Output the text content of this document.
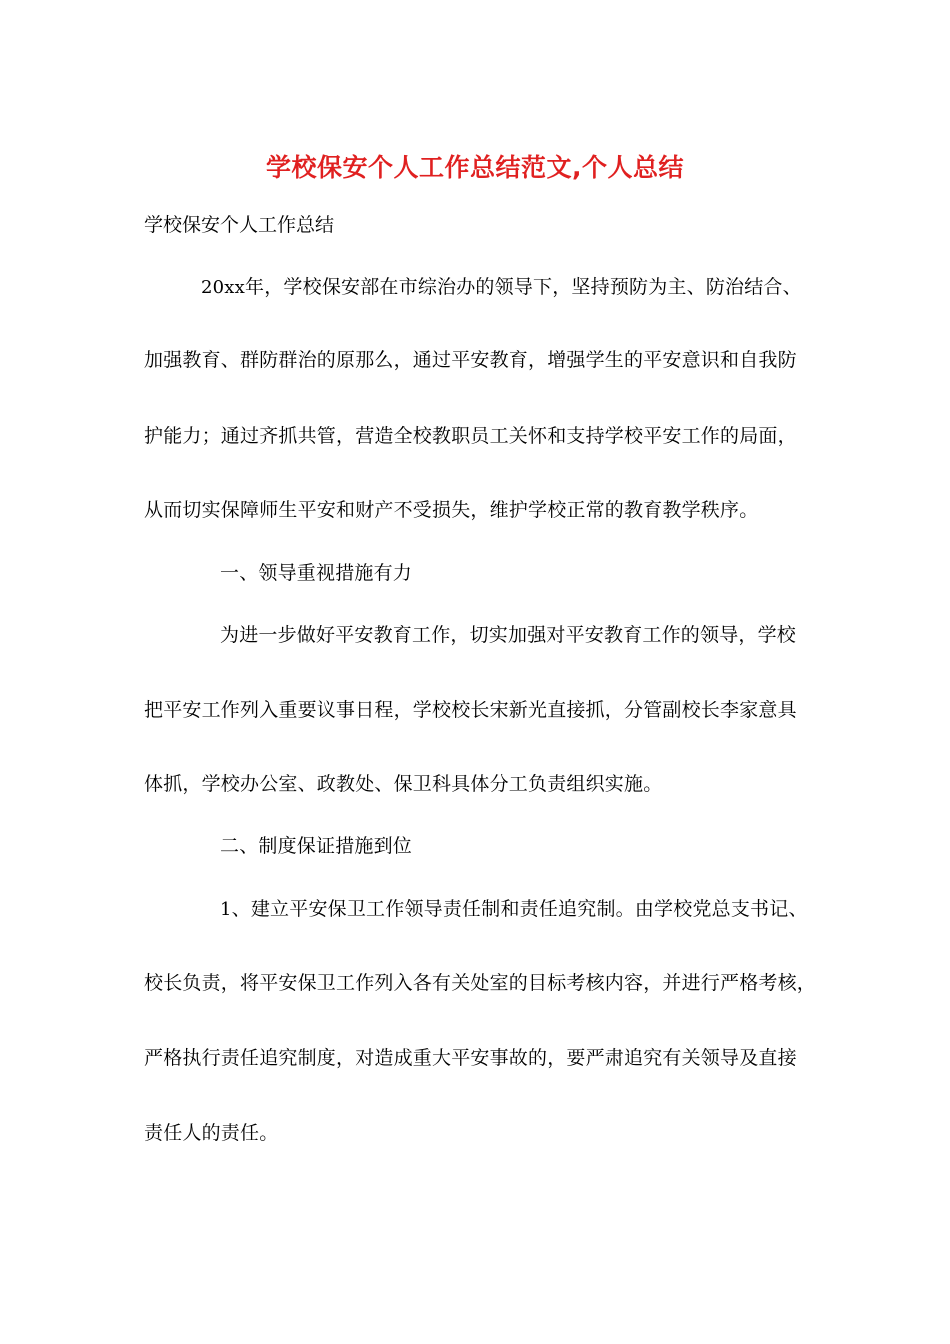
学校保安个人工作总结范文,个人总结
学校保安个人工作总结
20xx年，学校保安部在市综治办的领导下，坚持预防为主、防治结合、
加强教育、群防群治的原那么，通过平安教育，增强学生的平安意识和自我防
护能力；通过齐抓共管，营造全校教职员工关怀和支持学校平安工作的局面，
从而切实保障师生平安和财产不受损失，维护学校正常的教育教学秩序。
一、领导重视措施有力
为进一步做好平安教育工作，切实加强对平安教育工作的领导，学校
把平安工作列入重要议事日程，学校校长宋新光直接抓，分管副校长李家意具
体抓，学校办公室、政教处、保卫科具体分工负责组织实施。
二、制度保证措施到位
1、建立平安保卫工作领导责任制和责任追究制。由学校党总支书记、
校长负责，将平安保卫工作列入各有关处室的目标考核内容，并进行严格考核，
严格执行责任追究制度，对造成重大平安事故的，要严肃追究有关领导及直接
责任人的责任。
